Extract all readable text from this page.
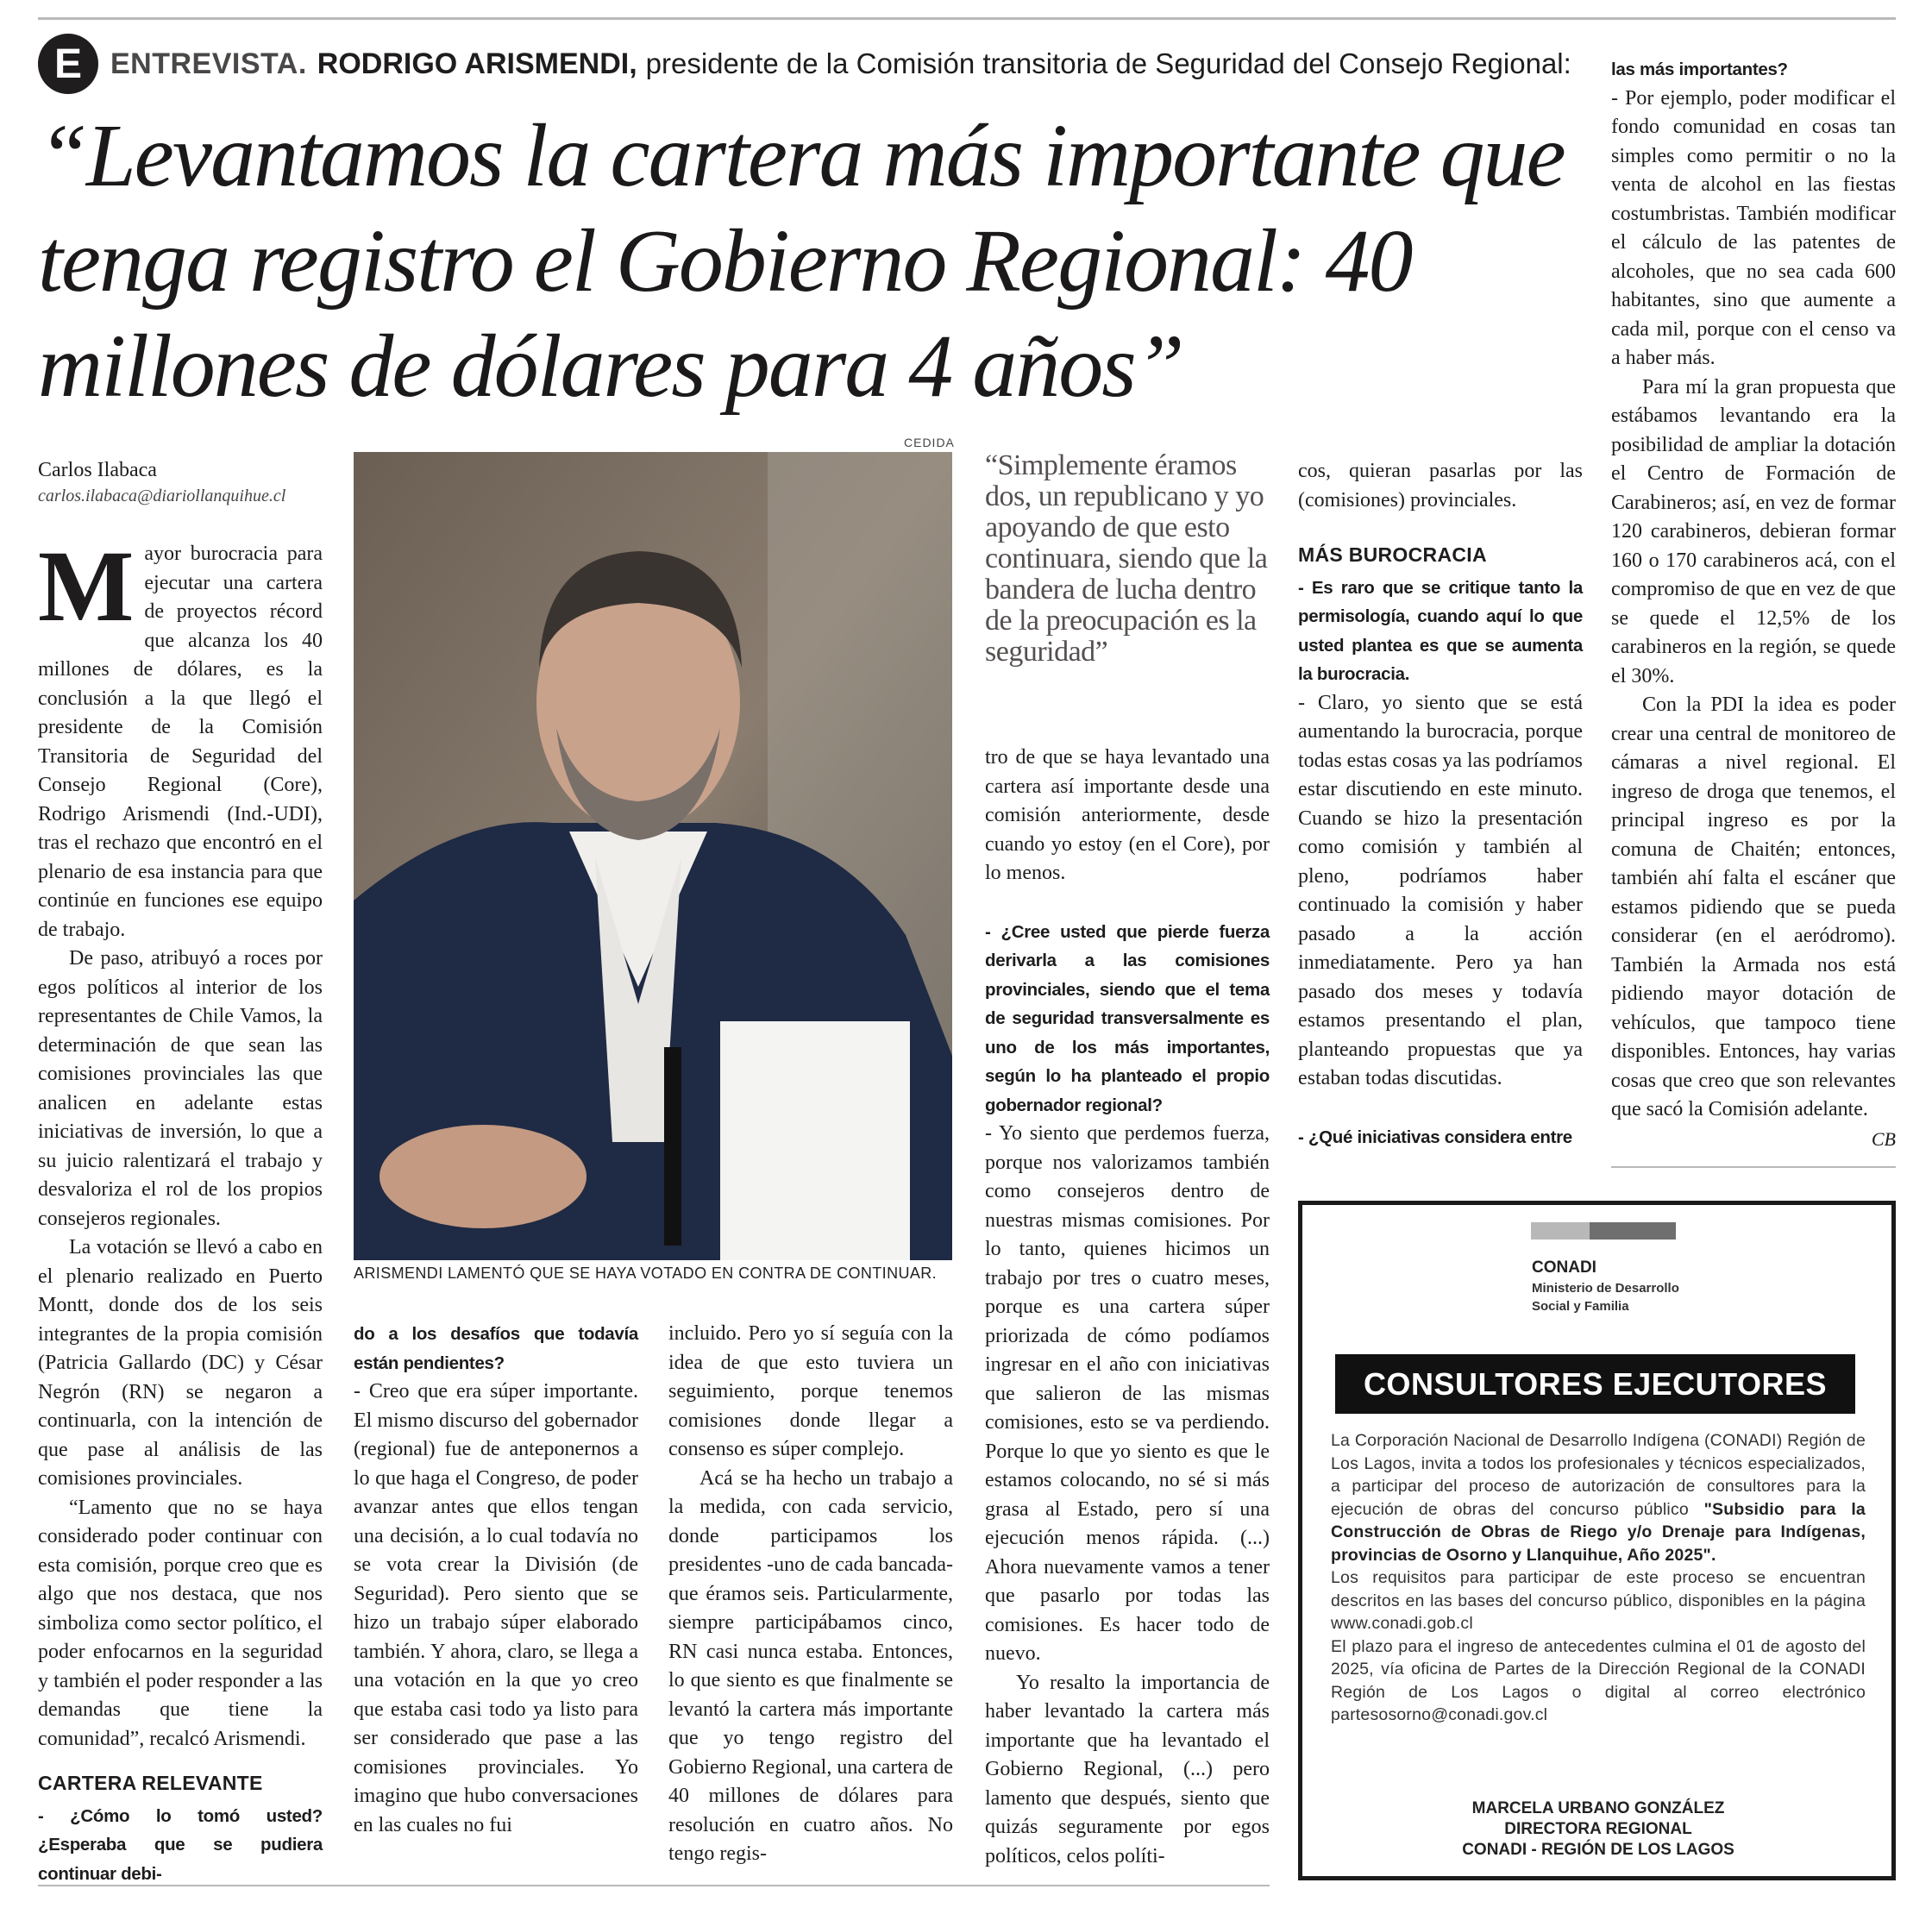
E ENTREVISTA. RODRIGO ARISMENDI, presidente de la Comisión transitoria de Seguridad del Consejo Regional:
“Levantamos la cartera más importante que tenga registro el Gobierno Regional: 40 millones de dólares para 4 años”
Carlos Ilabaca
carlos.ilabaca@diariollanquihue.cl

Mayor burocracia para ejecutar una cartera de proyectos récord que alcanza los 40 millones de dólares, es la conclusión a la que llegó el presidente de la Comisión Transitoria de Seguridad del Consejo Regional (Core), Rodrigo Arismendi (Ind.-UDI), tras el rechazo que encontró en el plenario de esa instancia para que continúe en funciones ese equipo de trabajo.

De paso, atribuyó a roces por egos políticos al interior de los representantes de Chile Vamos, la determinación de que sean las comisiones provinciales las que analicen en adelante estas iniciativas de inversión, lo que a su juicio ralentizará el trabajo y desvaloriza el rol de los propios consejeros regionales.

La votación se llevó a cabo en el plenario realizado en Puerto Montt, donde dos de los seis integrantes de la propia comisión (Patricia Gallardo (DC) y César Negrón (RN) se negaron a continuarla, con la intención de que pase al análisis de las comisiones provinciales.

“Lamento que no se haya considerado poder continuar con esta comisión, porque creo que es algo que nos destaca, que nos simboliza como sector político, el poder enfocarnos en la seguridad y también el poder responder a las demandas que tiene la comunidad”, recalcó Arismendi.

CARTERA RELEVANTE

- ¿Cómo lo tomó usted? ¿Esperaba que se pudiera continuar debi-

CEDIDA
ARISMENDI LAMENTÓ QUE SE HAYA VOTADO EN CONTRA DE CONTINUAR.

do a los desafíos que todavía están pendientes?

- Creo que era súper importante. El mismo discurso del gobernador (regional) fue de anteponernos a lo que haga el Congreso, de poder avanzar antes que ellos tengan una decisión, a lo cual todavía no se vota crear la División (de Seguridad). Pero siento que se hizo un trabajo súper elaborado también. Y ahora, claro, se llega a una votación en la que yo creo que estaba casi todo ya listo para ser considerado que pase a las comisiones provinciales. Yo imagino que hubo conversaciones en las cuales no fui

incluido. Pero yo sí seguía con la idea de que esto tuviera un seguimiento, porque tenemos comisiones donde llegar a consenso es súper complejo.

Acá se ha hecho un trabajo a la medida, con cada servicio, donde participamos los presidentes -uno de cada bancada- que éramos seis. Particularmente, siempre participábamos cinco, RN casi nunca estaba. Entonces, lo que siento es que finalmente se levantó la cartera más importante que yo tengo registro del Gobierno Regional, una cartera de 40 millones de dólares para resolución en cuatro años. No tengo regis-

“Simplemente éramos dos, un republicano y yo apoyando de que esto continuara, siendo que la bandera de lucha dentro de la preocupación es la seguridad”

tro de que se haya levantado una cartera así importante desde una comisión anteriormente, desde cuando yo estoy (en el Core), por lo menos.

- ¿Cree usted que pierde fuerza derivarla a las comisiones provinciales, siendo que el tema de seguridad transversalmente es uno de los más importantes, según lo ha planteado el propio gobernador regional?

- Yo siento que perdemos fuerza, porque nos valorizamos también como consejeros dentro de nuestras mismas comisiones. Por lo tanto, quienes hicimos un trabajo por tres o cuatro meses, porque es una cartera súper priorizada de cómo podíamos ingresar en el año con iniciativas que salieron de las mismas comisiones, esto se va perdiendo. Porque lo que yo siento es que le estamos colocando, no sé si más grasa al Estado, pero sí una ejecución menos rápida. (...) Ahora nuevamente vamos a tener que pasarlo por todas las comisiones. Es hacer todo de nuevo.

Yo resalto la importancia de haber levantado la cartera más importante que ha levantado el Gobierno Regional, (...) pero lamento que después, siento que quizás seguramente por egos políticos, celos políti-

cos, quieran pasarlas por las (comisiones) provinciales.

MÁS BUROCRACIA

- Es raro que se critique tanto la permisología, cuando aquí lo que usted plantea es que se aumenta la burocracia.

- Claro, yo siento que se está aumentando la burocracia, porque todas estas cosas ya las podríamos estar discutiendo en este minuto. Cuando se hizo la presentación como comisión y también al pleno, podríamos haber continuado la comisión y haber pasado a la acción inmediatamente. Pero ya han pasado dos meses y todavía estamos presentando el plan, planteando propuestas que ya estaban todas discutidas.

- ¿Qué iniciativas considera entre

las más importantes?

- Por ejemplo, poder modificar el fondo comunidad en cosas tan simples como permitir o no la venta de alcohol en las fiestas costumbristas. También modificar el cálculo de las patentes de alcoholes, que no sea cada 600 habitantes, sino que aumente a cada mil, porque con el censo va a haber más.

Para mí la gran propuesta que estábamos levantando era la posibilidad de ampliar la dotación el Centro de Formación de Carabineros; así, en vez de formar 120 carabineros, debieran formar 160 o 170 carabineros acá, con el compromiso de que en vez de que se quede el 12,5% de los carabineros en la región, se quede el 30%.

Con la PDI la idea es poder crear una central de monitoreo de cámaras a nivel regional. El ingreso de droga que tenemos, el principal ingreso es por la comuna de Chaitén; entonces, también ahí falta el escáner que estamos pidiendo que se pueda considerar (en el aeródromo). También la Armada nos está pidiendo mayor dotación de vehículos, que tampoco tiene disponibles. Entonces, hay varias cosas que creo que son relevantes que sacó la Comisión adelante.
CB

CONADI
Ministerio de Desarrollo Social y Familia
CONSULTORES EJECUTORES
La Corporación Nacional de Desarrollo Indígena (CONADI) Región de Los Lagos, invita a todos los profesionales y técnicos especializados, a participar del proceso de autorización de consultores para la ejecución de obras del concurso público "Subsidio para la Construcción de Obras de Riego y/o Drenaje para Indígenas, provincias de Osorno y Llanquihue, Año 2025".
Los requisitos para participar de este proceso se encuentran descritos en las bases del concurso público, disponibles en la página www.conadi.gob.cl
El plazo para el ingreso de antecedentes culmina el 01 de agosto del 2025, vía oficina de Partes de la Dirección Regional de la CONADI Región de Los Lagos o digital al correo electrónico partesosorno@conadi.gov.cl
MARCELA URBANO GONZÁLEZ
DIRECTORA REGIONAL
CONADI - REGIÓN DE LOS LAGOS
